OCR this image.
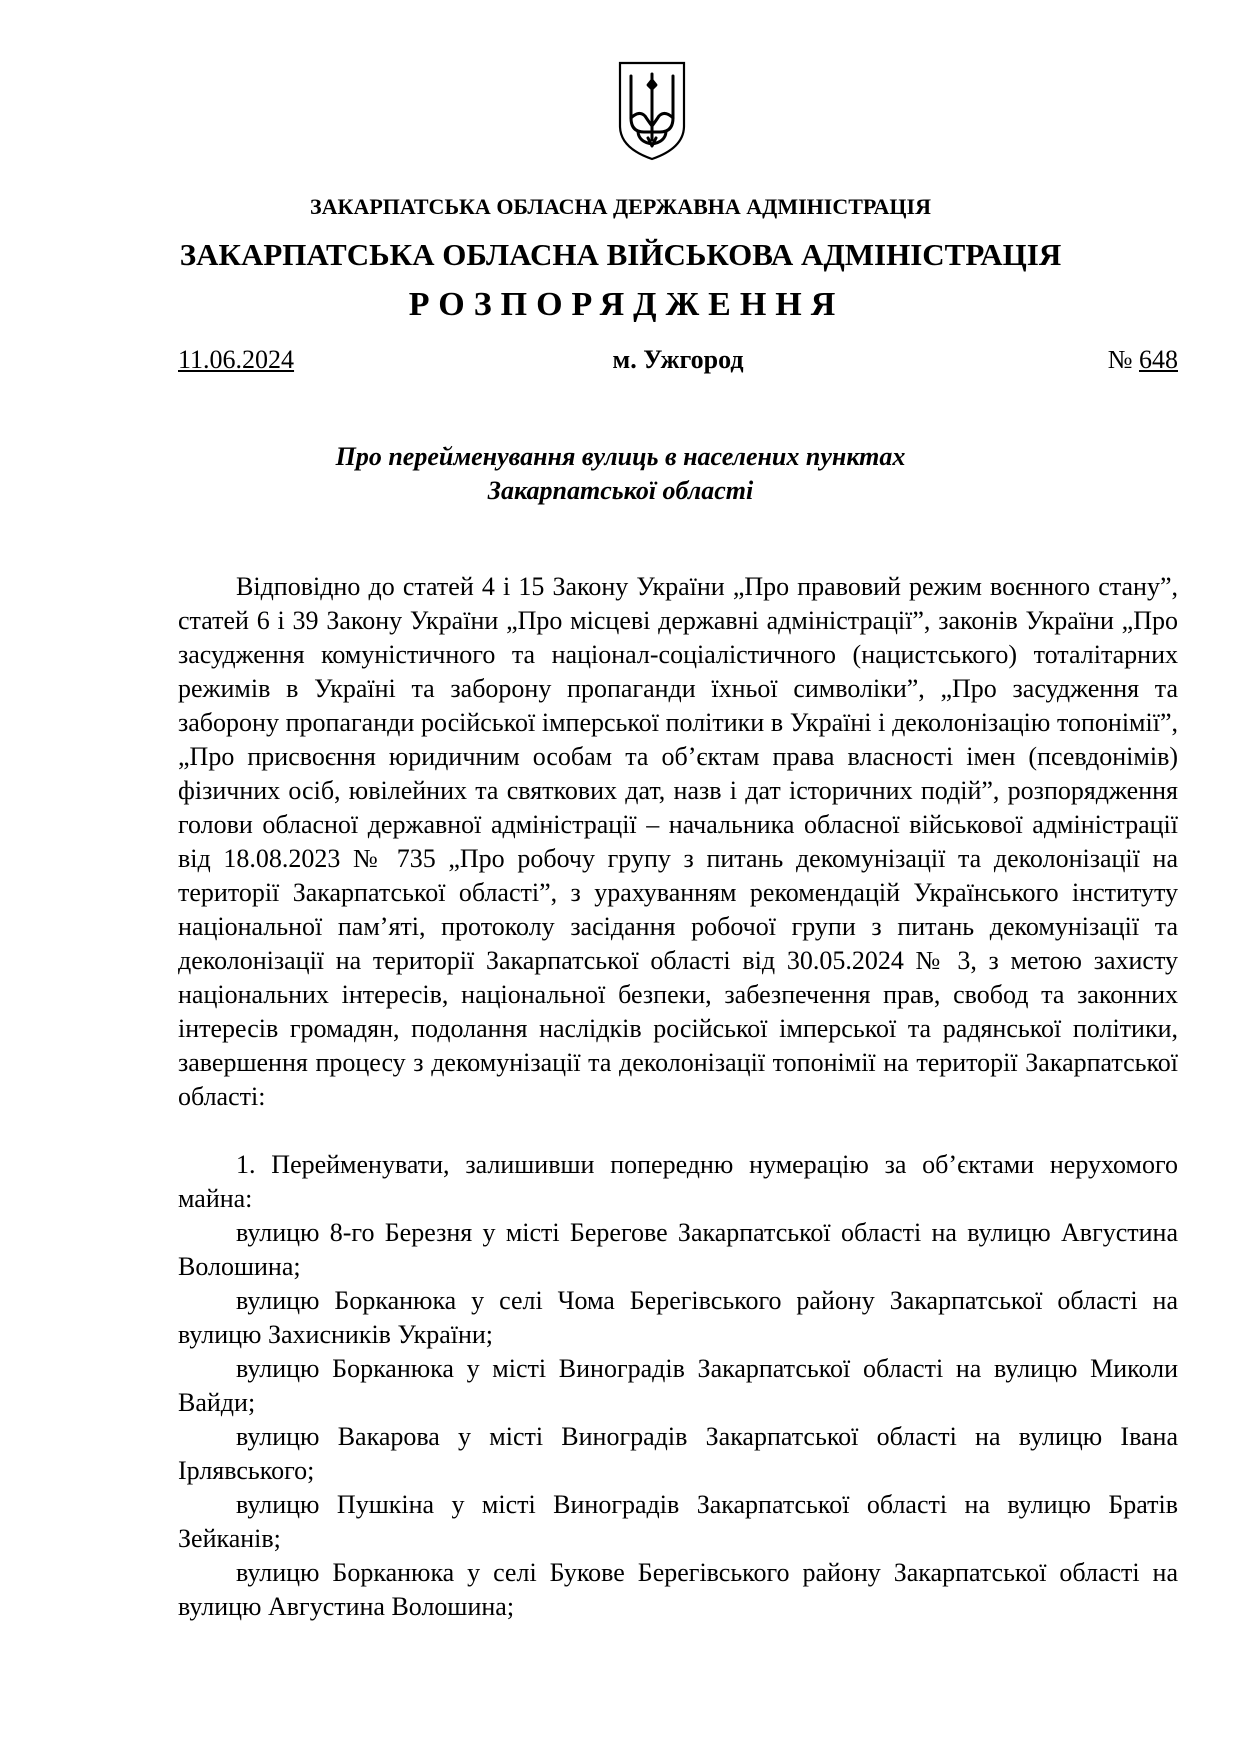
ЗАКАРПАТСЬКА ОБЛАСНА ДЕРЖАВНА АДМІНІСТРАЦІЯ
ЗАКАРПАТСЬКА ОБЛАСНА ВІЙСЬКОВА АДМІНІСТРАЦІЯ
РОЗПОРЯДЖЕННЯ
11.06.2024	м. Ужгород	№ 648
Про перейменування вулиць в населених пунктах
Закарпатської області

Відповідно до статей 4 і 15 Закону України „Про правовий режим воєнного стану”, статей 6 і 39 Закону України „Про місцеві державні адміністрації”, законів України „Про засудження комуністичного та націонал-соціалістичного (нацистського) тоталітарних режимів в Україні та заборону пропаганди їхньої символіки”, „Про засудження та заборону пропаганди російської імперської політики в Україні і деколонізацію топонімії”, „Про присвоєння юридичним особам та об’єктам права власності імен (псевдонімів) фізичних осіб, ювілейних та святкових дат, назв і дат історичних подій”, розпорядження голови обласної державної адміністрації – начальника обласної військової адміністрації від 18.08.2023 № 735 „Про робочу групу з питань декомунізації та деколонізації на території Закарпатської області”, з урахуванням рекомендацій Українського інституту національної пам’яті, протоколу засідання робочої групи з питань декомунізації та деколонізації на території Закарпатської області від 30.05.2024 № 3, з метою захисту національних інтересів, національної безпеки, забезпечення прав, свобод та законних інтересів громадян, подолання наслідків російської імперської та радянської політики, завершення процесу з декомунізації та деколонізації топонімії на території Закарпатської області:

1. Перейменувати, залишивши попередню нумерацію за об’єктами нерухомого майна:

вулицю 8-го Березня у місті Берегове Закарпатської області на вулицю Августина Волошина;

вулицю Борканюка у селі Чома Берегівського району Закарпатської області на вулицю Захисників України;

вулицю Борканюка у місті Виноградів Закарпатської області на вулицю Миколи Вайди;

вулицю Вакарова у місті Виноградів Закарпатської області на вулицю Івана Ірлявського;

вулицю Пушкіна у місті Виноградів Закарпатської області на вулицю Братів Зейканів;

вулицю Борканюка у селі Букове Берегівського району Закарпатської області на вулицю Августина Волошина;
